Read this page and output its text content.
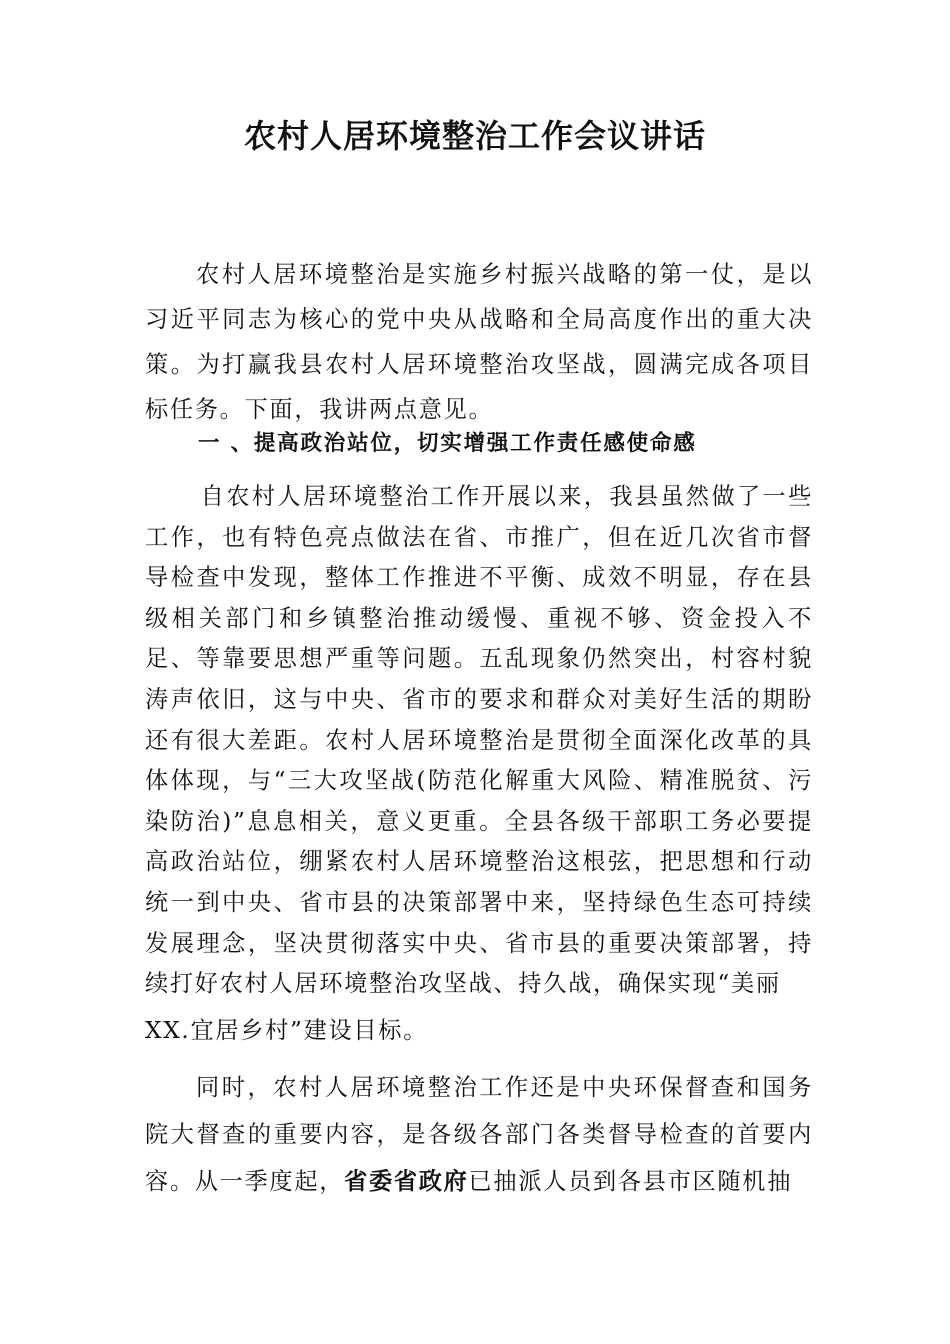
农村人居环境整治工作会议讲话

农村人居环境整治是实施乡村振兴战略的第一仗，是以习近平同志为核心的党中央从战略和全局高度作出的重大决策。为打赢我县农村人居环境整治攻坚战，圆满完成各项目标任务。下面，我讲两点意见。

一 、提高政治站位，切实增强工作责任感使命感
自农村人居环境整治工作开展以来，我县虽然做了一些工作，也有特色亮点做法在省、市推广，但在近几次省市督导检查中发现，整体工作推进不平衡、成效不明显，存在县级相关部门和乡镇整治推动缓慢、重视不够、资金投入不足、等靠要思想严重等问题。五乱现象仍然突出，村容村貌涛声依旧，这与中央、省市的要求和群众对美好生活的期盼还有很大差距。农村人居环境整治是贯彻全面深化改革的具体体现，与“三大攻坚战(防范化解重大风险、精准脱贫、污染防治)”息息相关，意义更重。全县各级干部职工务必要提高政治站位，绷紧农村人居环境整治这根弦，把思想和行动统一到中央、省市县的决策部署中来，坚持绿色生态可持续发展理念，坚决贯彻落实中央、省市县的重要决策部署，持续打好农村人居环境整治攻坚战、持久战，确保实现“美丽
XX.宜居乡村”建设目标。

同时，农村人居环境整治工作还是中央环保督查和国务院大督查的重要内容，是各级各部门各类督导检查的首要内容。从一季度起，省委省政府已抽派人员到各县市区随机抽
